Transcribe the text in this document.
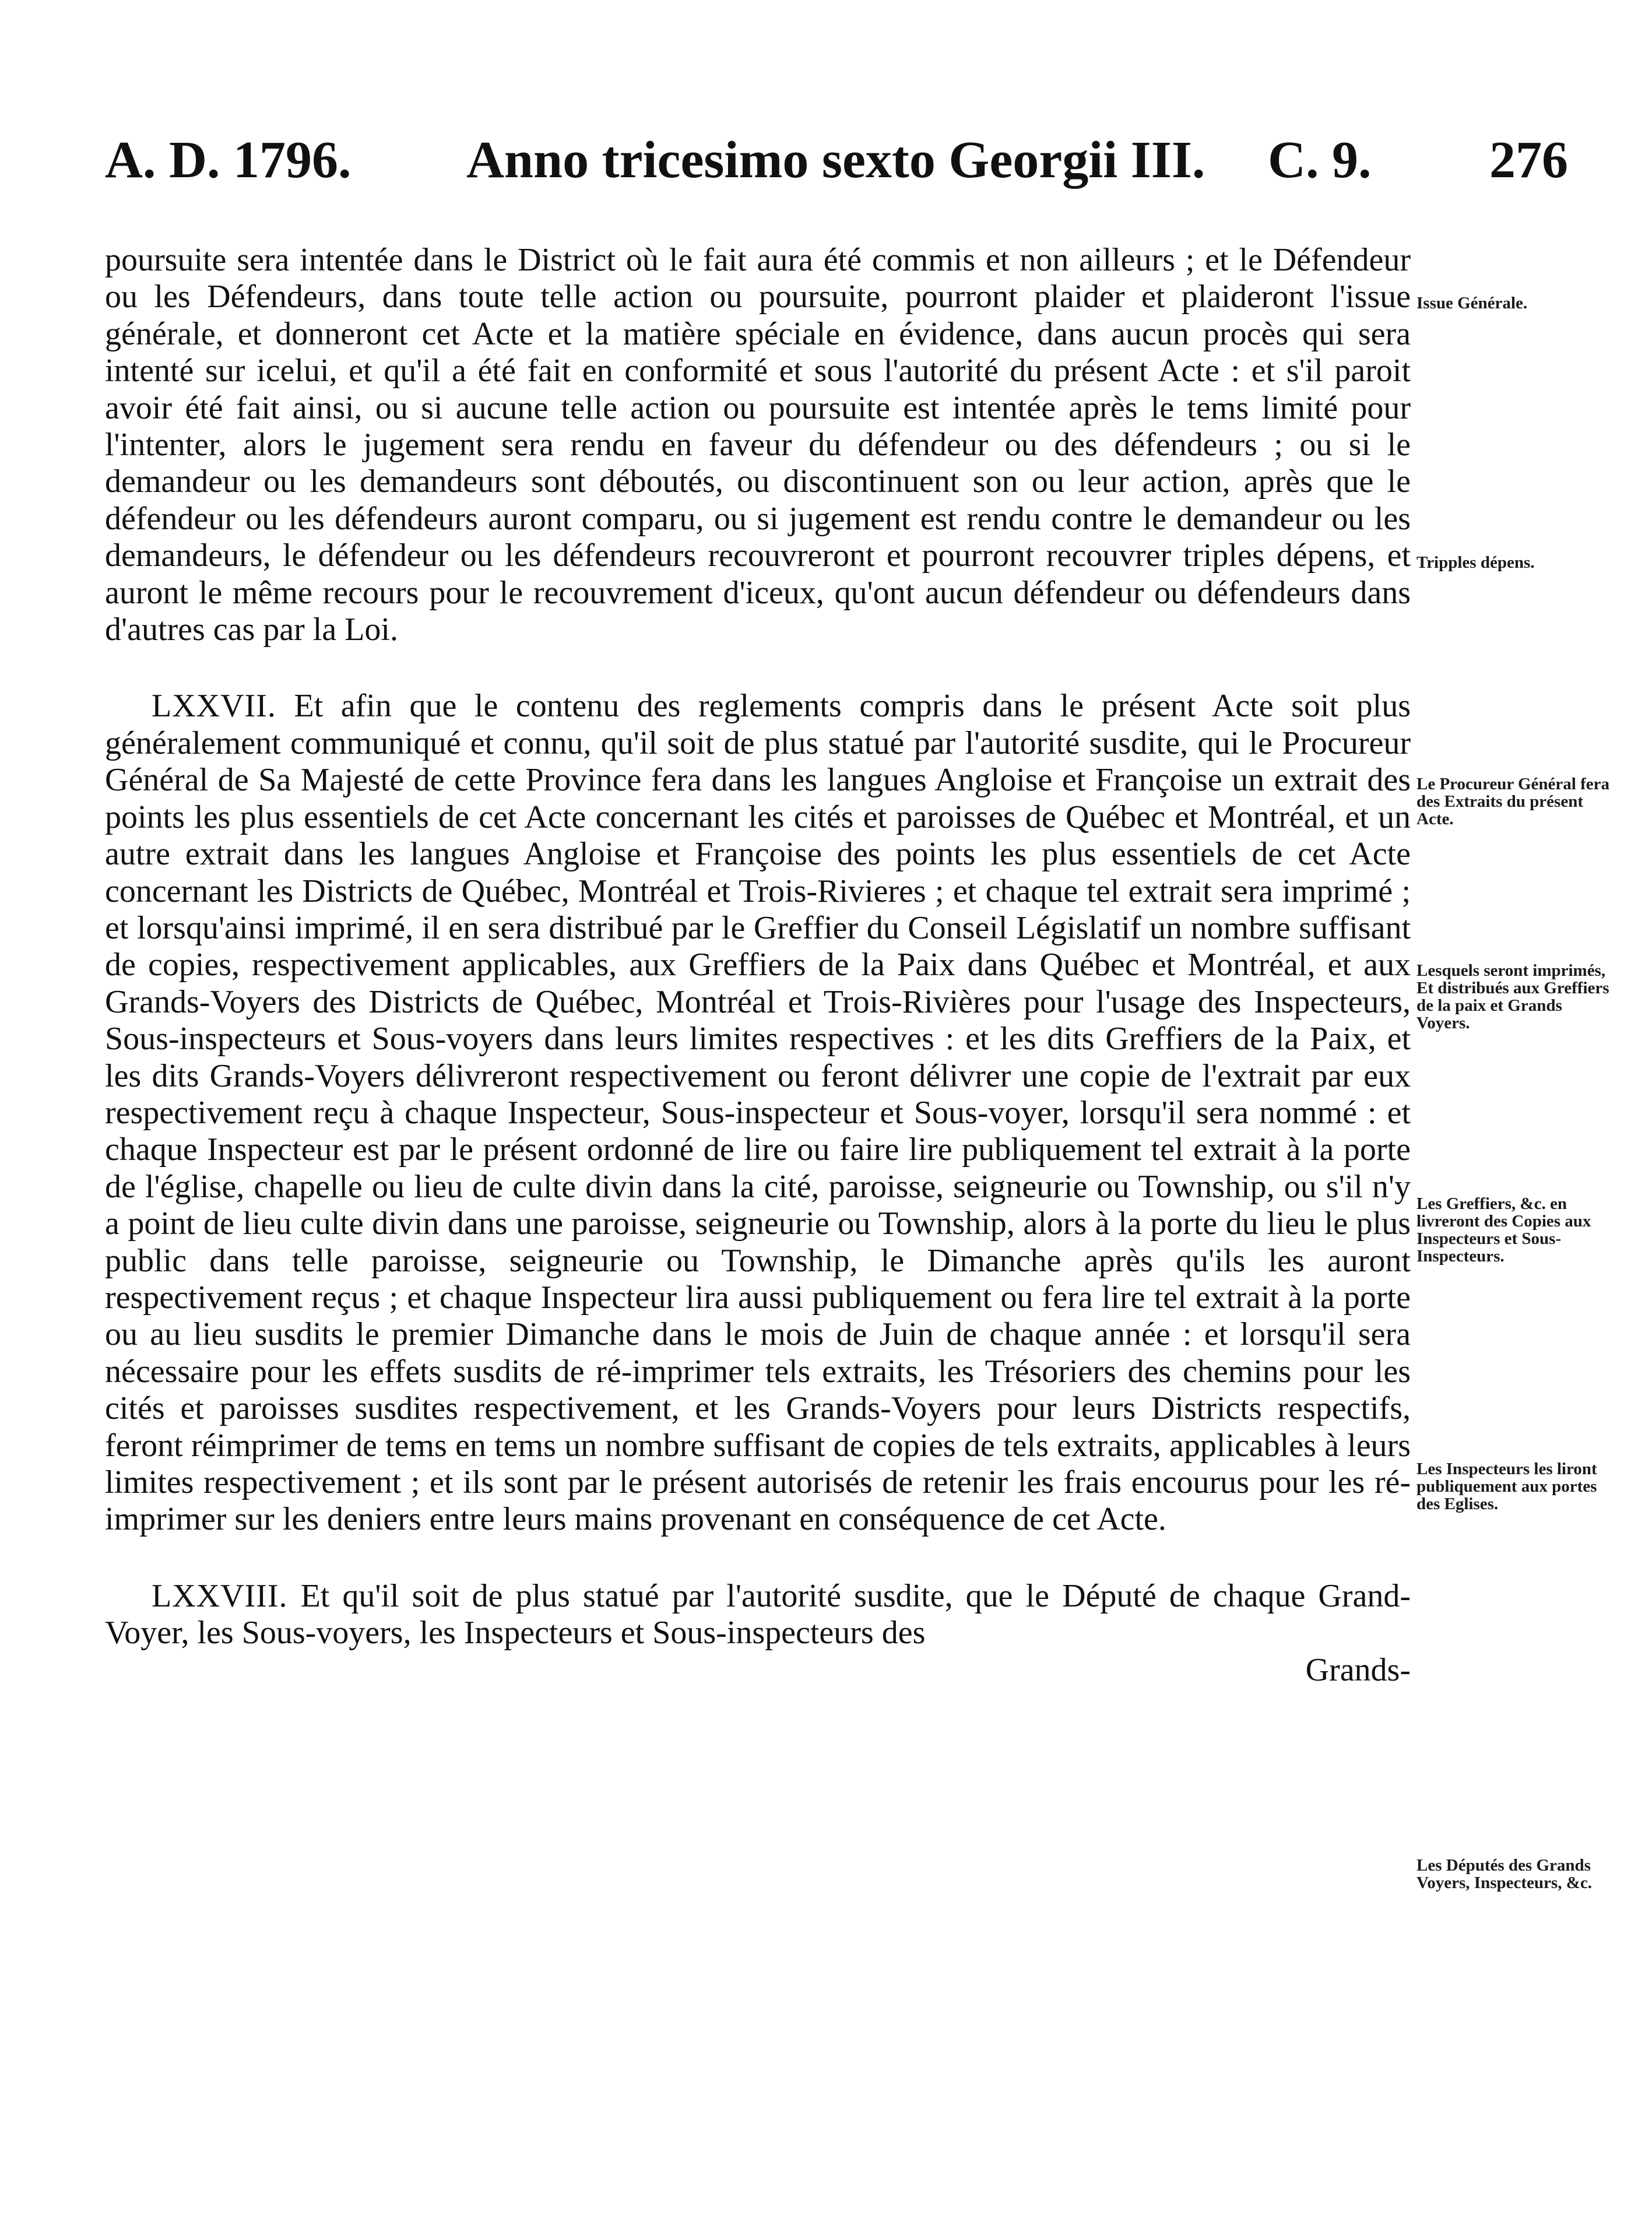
A. D. 1796. Anno tricesimo sexto Georgii III. C. 9. 276

poursuite sera intentée dans le District où le fait aura été commis et non ailleurs ; et le Défendeur ou les Défendeurs, dans toute telle action ou poursuite, pourront plaider et plaideront l'issue générale, et donneront cet Acte et la matière spéciale en évidence, dans aucun procès qui sera intenté sur icelui, et qu'il a été fait en conformité et sous l'autorité du présent Acte : et s'il paroit avoir été fait ainsi, ou si aucune telle action ou poursuite est intentée après le tems limité pour l'intenter, alors le jugement sera rendu en faveur du défendeur ou des défendeurs ; ou si le demandeur ou les demandeurs sont déboutés, ou discontinuent son ou leur action, après que le défendeur ou les défendeurs auront comparu, ou si jugement est rendu contre le demandeur ou les demandeurs, le défendeur ou les défendeurs recouvreront et pourront recouvrer triples dépens, et auront le même recours pour le recouvrement d'iceux, qu'ont aucun défendeur ou défendeurs dans d'autres cas par la Loi.

LXXVII. Et afin que le contenu des reglements compris dans le présent Acte soit plus généralement communiqué et connu, qu'il soit de plus statué par l'autorité susdite, qui le Procureur Général de Sa Majesté de cette Province fera dans les langues Angloise et Françoise un extrait des points les plus essentiels de cet Acte concernant les cités et paroisses de Québec et Montréal, et un autre extrait dans les langues Angloise et Françoise des points les plus essentiels de cet Acte concernant les Districts de Québec, Montréal et Trois-Rivieres ; et chaque tel extrait sera imprimé ; et lorsqu'ainsi imprimé, il en sera distribué par le Greffier du Conseil Législatif un nombre suffisant de copies, respectivement applicables, aux Greffiers de la Paix dans Québec et Montréal, et aux Grands-Voyers des Districts de Québec, Montréal et Trois-Rivières pour l'usage des Inspecteurs, Sous-inspecteurs et Sous-voyers dans leurs limites respectives : et les dits Greffiers de la Paix, et les dits Grands-Voyers délivreront respectivement ou feront délivrer une copie de l'extrait par eux respectivement reçu à chaque Inspecteur, Sous-inspecteur et Sous-voyer, lorsqu'il sera nommé : et chaque Inspecteur est par le présent ordonné de lire ou faire lire publiquement tel extrait à la porte de l'église, chapelle ou lieu de culte divin dans la cité, paroisse, seigneurie ou Township, ou s'il n'y a point de lieu culte divin dans une paroisse, seigneurie ou Township, alors à la porte du lieu le plus public dans telle paroisse, seigneurie ou Township, le Dimanche après qu'ils les auront respectivement reçus ; et chaque Inspecteur lira aussi publiquement ou fera lire tel extrait à la porte ou au lieu susdits le premier Dimanche dans le mois de Juin de chaque année : et lorsqu'il sera nécessaire pour les effets susdits de ré-imprimer tels extraits, les Trésoriers des chemins pour les cités et paroisses susdites respectivement, et les Grands-Voyers pour leurs Districts respectifs, feront réimprimer de tems en tems un nombre suffisant de copies de tels extraits, applicables à leurs limites respectivement ; et ils sont par le présent autorisés de retenir les frais encourus pour les ré-imprimer sur les deniers entre leurs mains provenant en conséquence de cet Acte.

LXXVIII. Et qu'il soit de plus statué par l'autorité susdite, que le Député de chaque Grand-Voyer, les Sous-voyers, les Inspecteurs et Sous-inspecteurs des

Grands-
Issue Générale.
Tripples dépens.
Le Procureur Général fera des Extraits du présent Acte.
Lesquels seront imprimés, Et distribués aux Greffiers de la paix et Grands Voyers.
Les Greffiers, &c. en livreront des Copies aux Inspecteurs et Sous-Inspecteurs.
Les Inspecteurs les liront publiquement aux portes des Eglises.
Les Députés des Grands Voyers, Inspecteurs, &c.
